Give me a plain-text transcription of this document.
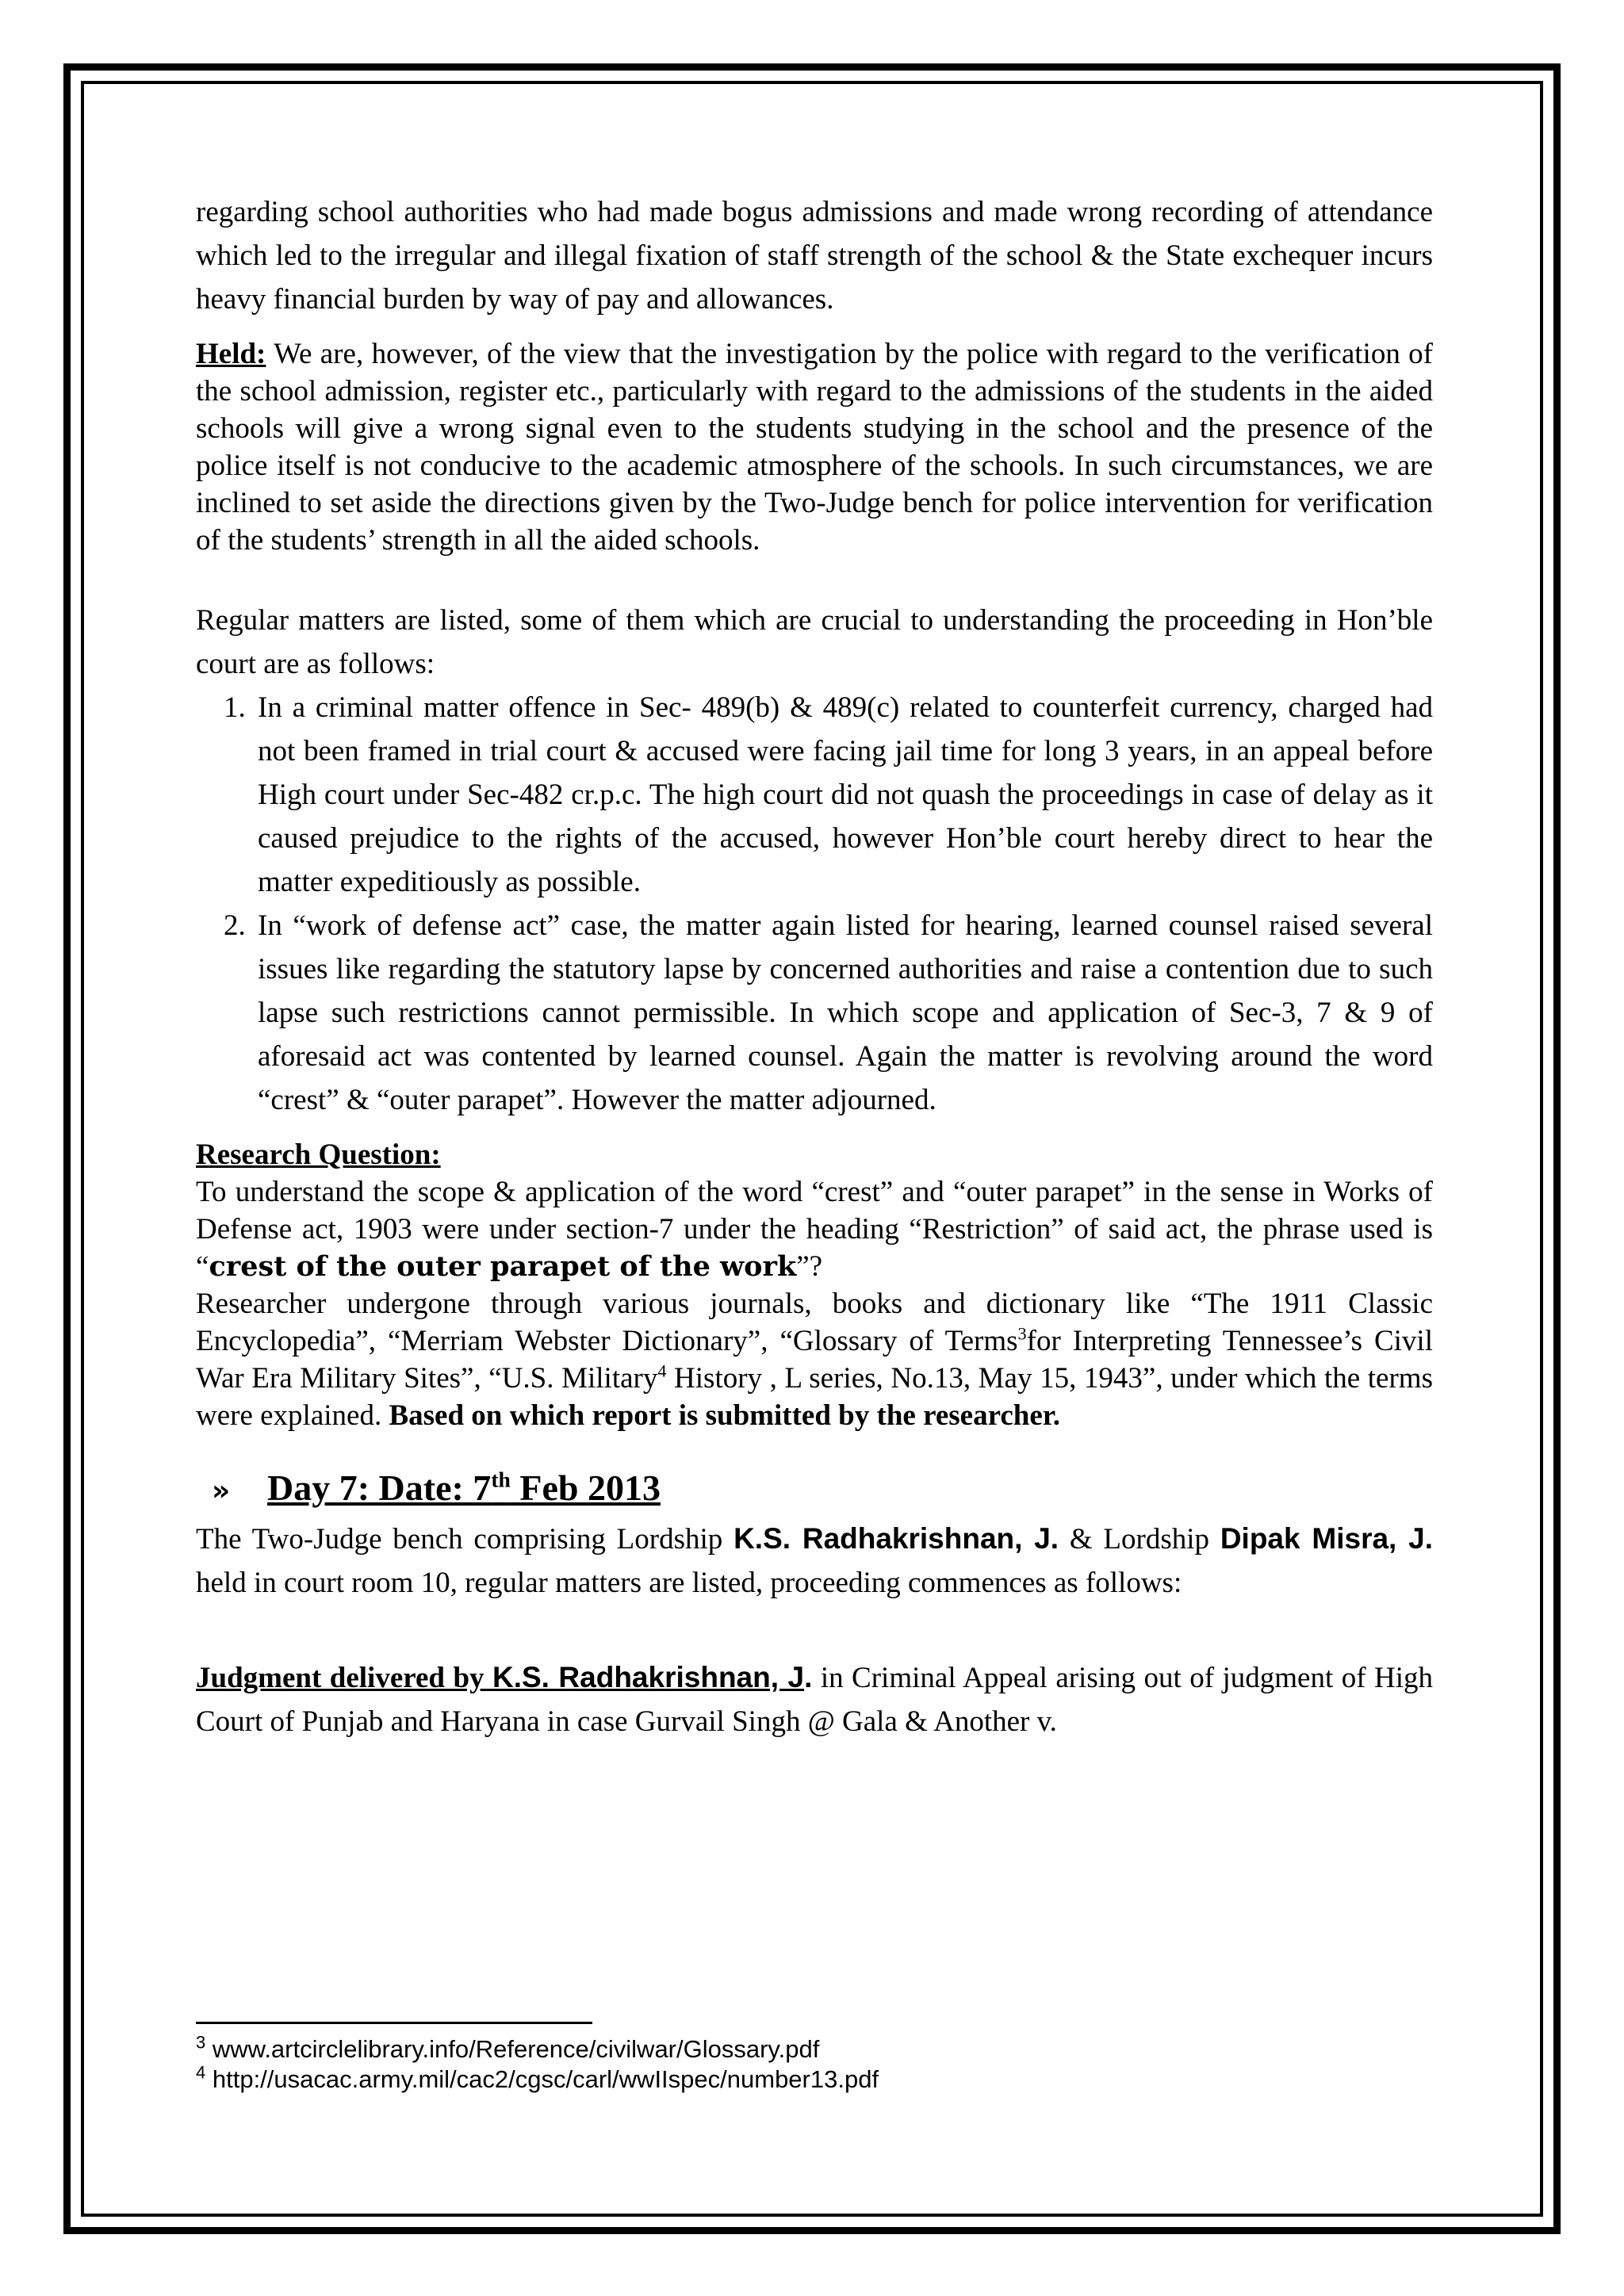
regarding school authorities who had made bogus admissions and made wrong recording of attendance which led to the irregular and illegal fixation of staff strength of the school & the State exchequer incurs heavy financial burden by way of pay and allowances.

Held: We are, however, of the view that the investigation by the police with regard to the verification of the school admission, register etc., particularly with regard to the admissions of the students in the aided schools will give a wrong signal even to the students studying in the school and the presence of the police itself is not conducive to the academic atmosphere of the schools. In such circumstances, we are inclined to set aside the directions given by the Two-Judge bench for police intervention for verification of the students’ strength in all the aided schools.

Regular matters are listed, some of them which are crucial to understanding the proceeding in Hon’ble court are as follows:

1. In a criminal matter offence in Sec- 489(b) & 489(c) related to counterfeit currency, charged had not been framed in trial court & accused were facing jail time for long 3 years, in an appeal before High court under Sec-482 cr.p.c. The high court did not quash the proceedings in case of delay as it caused prejudice to the rights of the accused, however Hon’ble court hereby direct to hear the matter expeditiously as possible.
2. In “work of defense act” case, the matter again listed for hearing, learned counsel raised several issues like regarding the statutory lapse by concerned authorities and raise a contention due to such lapse such restrictions cannot permissible. In which scope and application of Sec-3, 7 & 9 of aforesaid act was contented by learned counsel. Again the matter is revolving around the word “crest” & “outer parapet”. However the matter adjourned.

Research Question:

To understand the scope & application of the word “crest” and “outer parapet” in the sense in Works of Defense act, 1903 were under section-7 under the heading “Restriction” of said act, the phrase used is “crest of the outer parapet of the work”?

Researcher undergone through various journals, books and dictionary like “The 1911 Classic Encyclopedia”, “Merriam Webster Dictionary”, “Glossary of Terms$^3$for Interpreting Tennessee’s Civil War Era Military Sites”, “U.S. Military$^4$ History , L series, No.13, May 15, 1943”, under which the terms were explained. Based on which report is submitted by the researcher.

»	Day 7: Date: 7th Feb 2013

The Two-Judge bench comprising Lordship K.S. Radhakrishnan, J. & Lordship Dipak Misra, J. held in court room 10, regular matters are listed, proceeding commences as follows:

Judgment delivered by K.S. Radhakrishnan, J. in Criminal Appeal arising out of judgment of High Court of Punjab and Haryana in case Gurvail Singh @ Gala & Another v.

$^3$ www.artcirclelibrary.info/Reference/civilwar/Glossary.pdf
$^4$ http://usacac.army.mil/cac2/cgsc/carl/wwIIspec/number13.pdf
